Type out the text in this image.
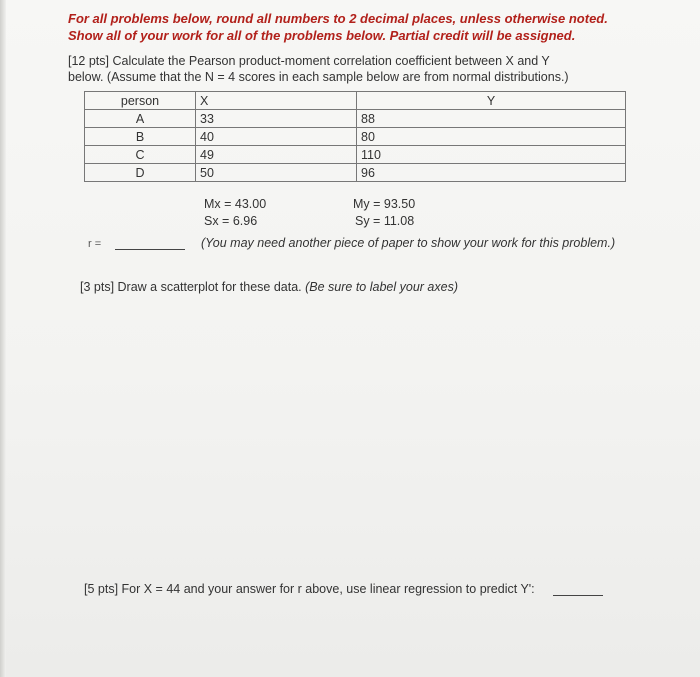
For all problems below, round all numbers to 2 decimal places, unless otherwise noted.
Show all of your work for all of the problems below. Partial credit will be assigned.
[12 pts] Calculate the Pearson product-moment correlation coefficient between X and Y
below. (Assume that the N = 4 scores in each sample below are from normal distributions.)
person	X	Y
A	33	88
B	40	80
C	49	110
D	50	96
Mx = 43.00
Sx = 6.96
My = 93.50
Sy = 11.08
r =	(You may need another piece of paper to show your work for this problem.)
[3 pts] Draw a scatterplot for these data. (Be sure to label your axes)
[5 pts] For X = 44 and your answer for r above, use linear regression to predict Y':
